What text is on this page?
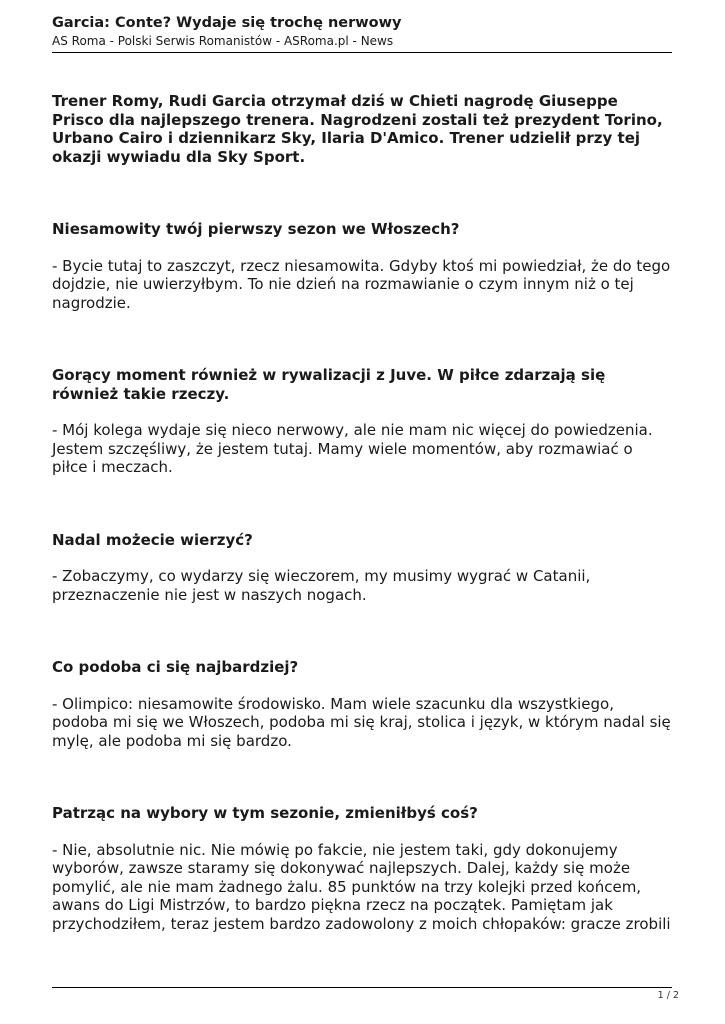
Garcia: Conte? Wydaje się trochę nerwowy
AS Roma - Polski Serwis Romanistów - ASRoma.pl - News

Trener Romy, Rudi Garcia otrzymał dziś w Chieti nagrodę Giuseppe Prisco dla najlepszego trenera. Nagrodzeni zostali też prezydent Torino, Urbano Cairo i dziennikarz Sky, Ilaria D'Amico. Trener udzielił przy tej okazji wywiadu dla Sky Sport.

Niesamowity twój pierwszy sezon we Włoszech?

- Bycie tutaj to zaszczyt, rzecz niesamowita. Gdyby ktoś mi powiedział, że do tego dojdzie, nie uwierzyłbym. To nie dzień na rozmawianie o czym innym niż o tej nagrodzie.

Gorący moment również w rywalizacji z Juve. W piłce zdarzają się również takie rzeczy.

- Mój kolega wydaje się nieco nerwowy, ale nie mam nic więcej do powiedzenia. Jestem szczęśliwy, że jestem tutaj. Mamy wiele momentów, aby rozmawiać o piłce i meczach.

Nadal możecie wierzyć?

- Zobaczymy, co wydarzy się wieczorem, my musimy wygrać w Catanii, przeznaczenie nie jest w naszych nogach.

Co podoba ci się najbardziej?

- Olimpico: niesamowite środowisko. Mam wiele szacunku dla wszystkiego, podoba mi się we Włoszech, podoba mi się kraj, stolica i język, w którym nadal się mylę, ale podoba mi się bardzo.

Patrząc na wybory w tym sezonie, zmieniłbyś coś?

- Nie, absolutnie nic. Nie mówię po fakcie, nie jestem taki, gdy dokonujemy wyborów, zawsze staramy się dokonywać najlepszych. Dalej, każdy się może pomylić, ale nie mam żadnego żalu. 85 punktów na trzy kolejki przed końcem, awans do Ligi Mistrzów, to bardzo piękna rzecz na początek. Pamiętam jak przychodziłem, teraz jestem bardzo zadowolony z moich chłopaków: gracze zrobili

1 / 2
